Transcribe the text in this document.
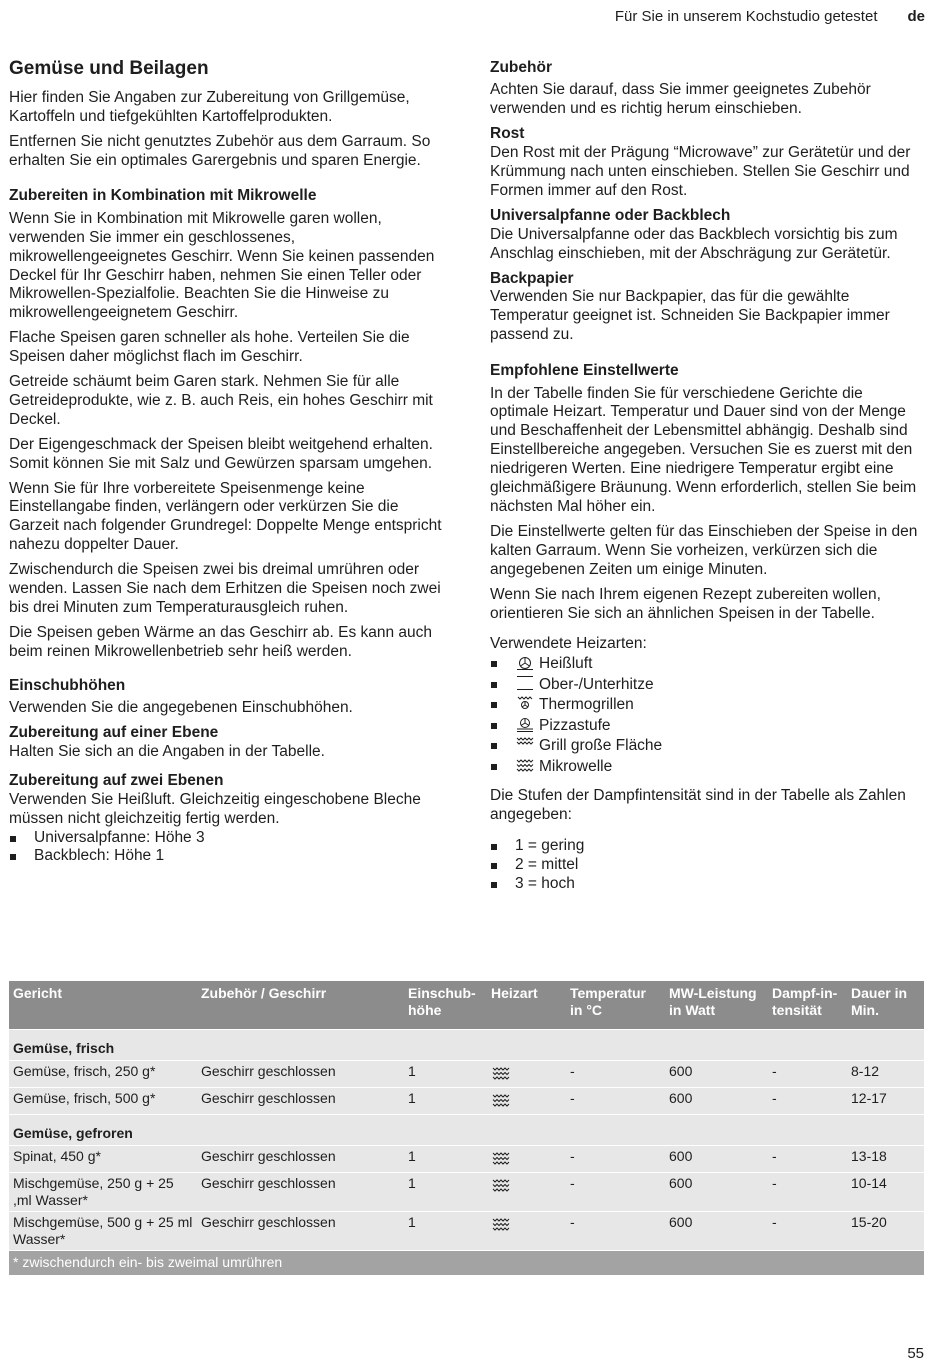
Für Sie in unserem Kochstudio getestet de
Gemüse und Beilagen

Hier finden Sie Angaben zur Zubereitung von Grillgemüse, Kartoffeln und tiefgekühlten Kartoffelprodukten.

Entfernen Sie nicht genutztes Zubehör aus dem Garraum. So erhalten Sie ein optimales Garergebnis und sparen Energie.

Zubereiten in Kombination mit Mikrowelle

Wenn Sie in Kombination mit Mikrowelle garen wollen, verwenden Sie immer ein geschlossenes, mikrowellengeeignetes Geschirr. Wenn Sie keinen passenden Deckel für Ihr Geschirr haben, nehmen Sie einen Teller oder Mikrowellen-Spezialfolie. Beachten Sie die Hinweise zu mikrowellengeeignetem Geschirr.

Flache Speisen garen schneller als hohe. Verteilen Sie die Speisen daher möglichst flach im Geschirr.

Getreide schäumt beim Garen stark. Nehmen Sie für alle Getreideprodukte, wie z. B. auch Reis, ein hohes Geschirr mit Deckel.

Der Eigengeschmack der Speisen bleibt weitgehend erhalten. Somit können Sie mit Salz und Gewürzen sparsam umgehen.

Wenn Sie für Ihre vorbereitete Speisenmenge keine Einstellangabe finden, verlängern oder verkürzen Sie die Garzeit nach folgender Grundregel: Doppelte Menge entspricht nahezu doppelter Dauer.

Zwischendurch die Speisen zwei bis dreimal umrühren oder wenden. Lassen Sie nach dem Erhitzen die Speisen noch zwei bis drei Minuten zum Temperaturausgleich ruhen.

Die Speisen geben Wärme an das Geschirr ab. Es kann auch beim reinen Mikrowellenbetrieb sehr heiß werden.

Einschubhöhen

Verwenden Sie die angegebenen Einschubhöhen.

Zubereitung auf einer Ebene

Halten Sie sich an die Angaben in der Tabelle.

Zubereitung auf zwei Ebenen

Verwenden Sie Heißluft. Gleichzeitig eingeschobene Bleche müssen nicht gleichzeitig fertig werden.

Universalpfanne: Höhe 3
Backblech: Höhe 1
Zubehör

Achten Sie darauf, dass Sie immer geeignetes Zubehör verwenden und es richtig herum einschieben.

Rost

Den Rost mit der Prägung “Microwave” zur Gerätetür und der Krümmung nach unten einschieben. Stellen Sie Geschirr und Formen immer auf den Rost.

Universalpfanne oder Backblech

Die Universalpfanne oder das Backblech vorsichtig bis zum Anschlag einschieben, mit der Abschrägung zur Gerätetür.

Backpapier

Verwenden Sie nur Backpapier, das für die gewählte Temperatur geeignet ist. Schneiden Sie Backpapier immer passend zu.

Empfohlene Einstellwerte

In der Tabelle finden Sie für verschiedene Gerichte die optimale Heizart. Temperatur und Dauer sind von der Menge und Beschaffenheit der Lebensmittel abhängig. Deshalb sind Einstellbereiche angegeben. Versuchen Sie es zuerst mit den niedrigeren Werten. Eine niedrigere Temperatur ergibt eine gleichmäßigere Bräunung. Wenn erforderlich, stellen Sie beim nächsten Mal höher ein.

Die Einstellwerte gelten für das Einschieben der Speise in den kalten Garraum. Wenn Sie vorheizen, verkürzen sich die angegebenen Zeiten um einige Minuten.

Wenn Sie nach Ihrem eigenen Rezept zubereiten wollen, orientieren Sie sich an ähnlichen Speisen in der Tabelle.

Verwendete Heizarten:

Heißluft
Ober-/Unterhitze
Thermogrillen
Pizzastufe
Grill große Fläche
Mikrowelle

Die Stufen der Dampfintensität sind in der Tabelle als Zahlen angegeben:

1 = gering
2 = mittel
3 = hoch
Gericht	Zubehör / Geschirr	Einschub-
höhe	Heizart	Temperatur
in °C	MW-Leistung
in Watt	Dampf-in-
tensität	Dauer in
Min.
Gemüse, frisch							
Gemüse, frisch, 250 g*	Geschirr geschlossen	1		-	600	-	8-12
Gemüse, frisch, 500 g*	Geschirr geschlossen	1		-	600	-	12-17
Gemüse, gefroren							
Spinat, 450 g*	Geschirr geschlossen	1		-	600	-	13-18
Mischgemüse, 250 g + 25 ,ml Wasser*	Geschirr geschlossen	1		-	600	-	10-14
Mischgemüse, 500 g + 25 ml Wasser*	Geschirr geschlossen	1		-	600	-	15-20
* zwischendurch ein- bis zweimal umrühren							
55
